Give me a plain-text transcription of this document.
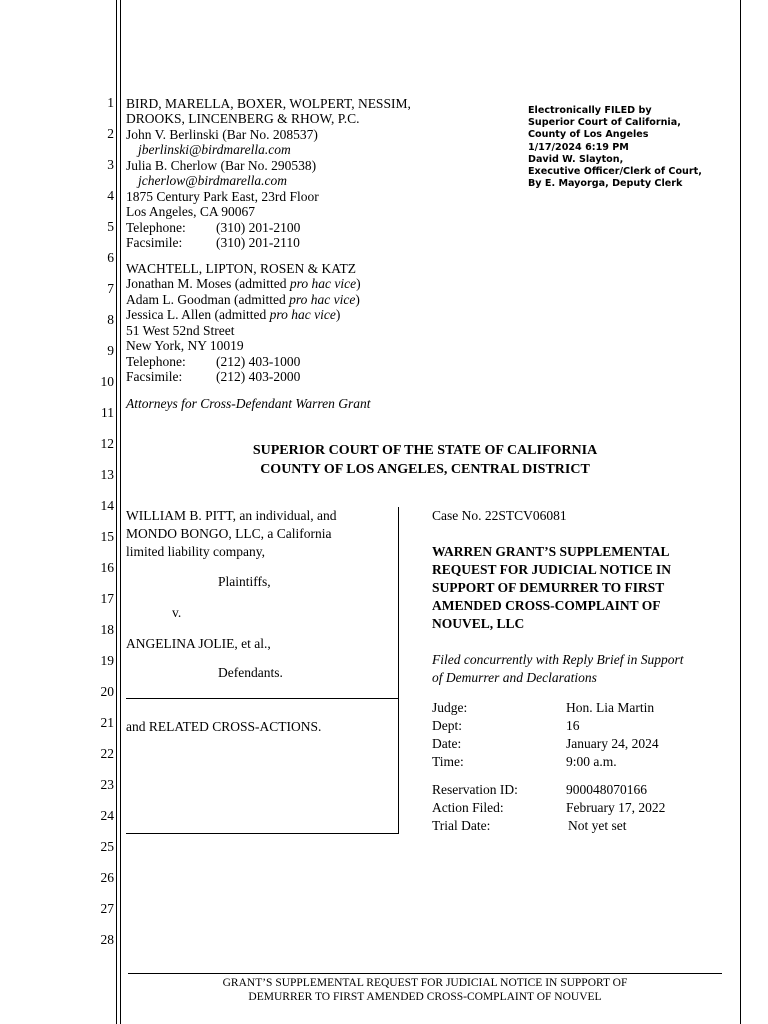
1
2
3
4
5
6
7
8
9
10
11
12
13
14
15
16
17
18
19
20
21
22
23
24
25
26
27
28
BIRD, MARELLA, BOXER, WOLPERT, NESSIM,
DROOKS, LINCENBERG & RHOW, P.C.
John V. Berlinski (Bar No. 208537)
jberlinski@birdmarella.com
Julia B. Cherlow (Bar No. 290538)
jcherlow@birdmarella.com
1875 Century Park East, 23rd Floor
Los Angeles, CA 90067
Telephone: (310) 201-2100
Facsimile:	(310) 201-2110
WACHTELL, LIPTON, ROSEN & KATZ
Jonathan M. Moses (admitted pro hac vice)
Adam L. Goodman (admitted pro hac vice)
Jessica L. Allen (admitted pro hac vice)
51 West 52nd Street
New York, NY 10019
Telephone: (212) 403-1000
Facsimile:	(212) 403-2000
Attorneys for Cross-Defendant Warren Grant
Electronically FILED by
Superior Court of California,
County of Los Angeles
1/17/2024 6:19 PM
David W. Slayton,
Executive Officer/Clerk of Court,
By E. Mayorga, Deputy Clerk
SUPERIOR COURT OF THE STATE OF CALIFORNIA
COUNTY OF LOS ANGELES, CENTRAL DISTRICT
WILLIAM B. PITT, an individual, and
MONDO BONGO, LLC, a California
limited liability company,
Plaintiffs,
v.
ANGELINA JOLIE, et al.,
Defendants.
and RELATED CROSS-ACTIONS.
Case No. 22STCV06081
WARREN GRANT’S SUPPLEMENTAL
REQUEST FOR JUDICIAL NOTICE IN
SUPPORT OF DEMURRER TO FIRST
AMENDED CROSS-COMPLAINT OF
NOUVEL, LLC
Filed concurrently with Reply Brief in Support
of Demurrer and Declarations
Judge:	Hon. Lia Martin
Dept:	16
Date:	January 24, 2024
Time:	9:00 a.m.
Reservation ID:	900048070166
Action Filed:	February 17, 2022
Trial Date:	Not yet set
GRANT’S SUPPLEMENTAL REQUEST FOR JUDICIAL NOTICE IN SUPPORT OF
DEMURRER TO FIRST AMENDED CROSS-COMPLAINT OF NOUVEL
